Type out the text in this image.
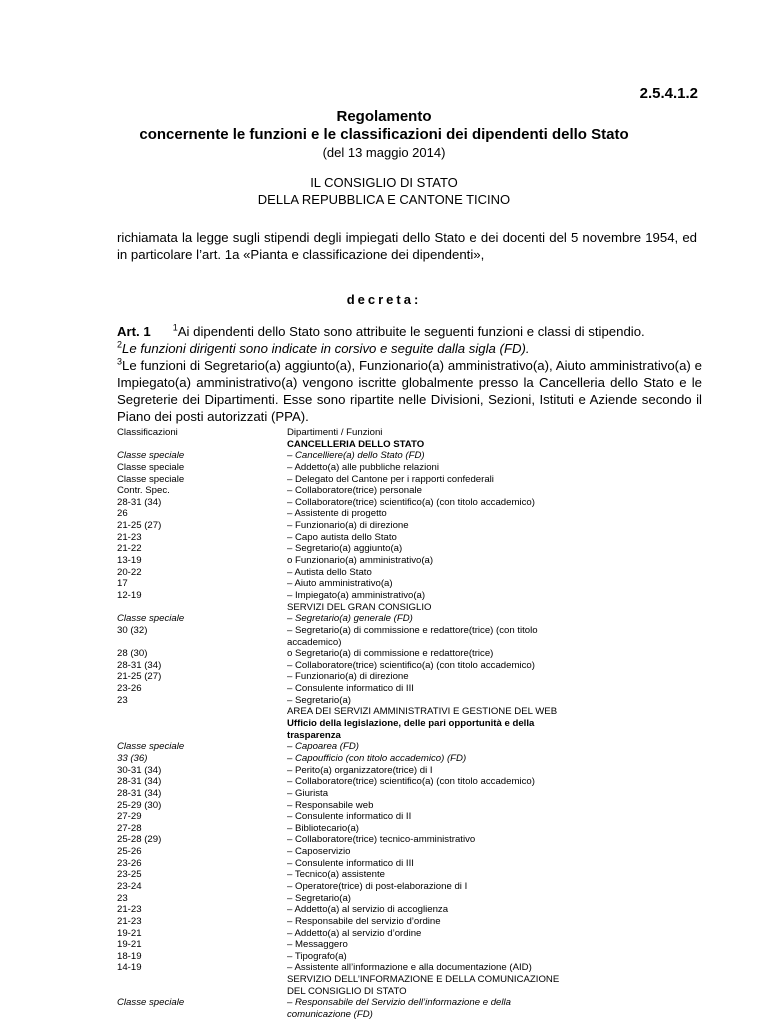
2.5.4.1.2
Regolamento
concernente le funzioni e le classificazioni dei dipendenti dello Stato
(del 13 maggio 2014)
IL CONSIGLIO DI STATO
DELLA REPUBBLICA E CANTONE TICINO
richiamata la legge sugli stipendi degli impiegati dello Stato e dei docenti del 5 novembre 1954, ed in particolare l’art. 1a «Pianta e classificazione dei dipendenti»,
decreta:
Art. 1 $^1$Ai dipendenti dello Stato sono attribuite le seguenti funzioni e classi di stipendio.
$^2$Le funzioni dirigenti sono indicate in corsivo e seguite dalla sigla (FD).
$^3$Le funzioni di Segretario(a) aggiunto(a), Funzionario(a) amministrativo(a), Aiuto amministrativo(a) e Impiegato(a) amministrativo(a) vengono iscritte globalmente presso la Cancelleria dello Stato e le Segreterie dei Dipartimenti. Esse sono ripartite nelle Divisioni, Sezioni, Istituti e Aziende secondo il Piano dei posti autorizzati (PPA).
Classificazioni
Classe speciale
Classe speciale
Classe speciale
Contr. Spec.
28-31 (34)
26
21-25 (27)
21-23
21-22
13-19
20-22
17
12-19
Classe speciale
30 (32)
28 (30)
28-31 (34)
21-25 (27)
23-26
23
Classe speciale
33 (36)
30-31 (34)
28-31 (34)
28-31 (34)
25-29 (30)
27-29
27-28
25-28 (29)
25-26
23-26
23-25
23-24
23
21-23
21-23
19-21
19-21
18-19
14-19
Classe speciale
Dipartimenti / Funzioni
CANCELLERIA DELLO STATO
– Cancelliere(a) dello Stato (FD)
– Addetto(a) alle pubbliche relazioni
– Delegato del Cantone per i rapporti confederali
– Collaboratore(trice) personale
– Collaboratore(trice) scientifico(a) (con titolo accademico)
– Assistente di progetto
– Funzionario(a) di direzione
– Capo autista dello Stato
– Segretario(a) aggiunto(a)
o Funzionario(a) amministrativo(a)
– Autista dello Stato
– Aiuto amministrativo(a)
– Impiegato(a) amministrativo(a)
SERVIZI DEL GRAN CONSIGLIO
– Segretario(a) generale (FD)
– Segretario(a) di commissione e redattore(trice) (con titolo
accademico)
o Segretario(a) di commissione e redattore(trice)
– Collaboratore(trice) scientifico(a) (con titolo accademico)
– Funzionario(a) di direzione
– Consulente informatico di III
– Segretario(a)
AREA DEI SERVIZI AMMINISTRATIVI E GESTIONE DEL WEB
Ufficio della legislazione, delle pari opportunità e della
trasparenza
– Capoarea (FD)
– Capoufficio (con titolo accademico) (FD)
– Perito(a) organizzatore(trice) di I
– Collaboratore(trice) scientifico(a) (con titolo accademico)
– Giurista
– Responsabile web
– Consulente informatico di II
– Bibliotecario(a)
– Collaboratore(trice) tecnico-amministrativo
– Caposervizio
– Consulente informatico di III
– Tecnico(a) assistente
– Operatore(trice) di post-elaborazione di I
– Segretario(a)
– Addetto(a) al servizio di accoglienza
– Responsabile del servizio d’ordine
– Addetto(a) al servizio d’ordine
– Messaggero
– Tipografo(a)
– Assistente all’informazione e alla documentazione (AID)
SERVIZIO DELL’INFORMAZIONE E DELLA COMUNICAZIONE
DEL CONSIGLIO DI STATO
– Responsabile del Servizio dell’informazione e della
comunicazione (FD)
